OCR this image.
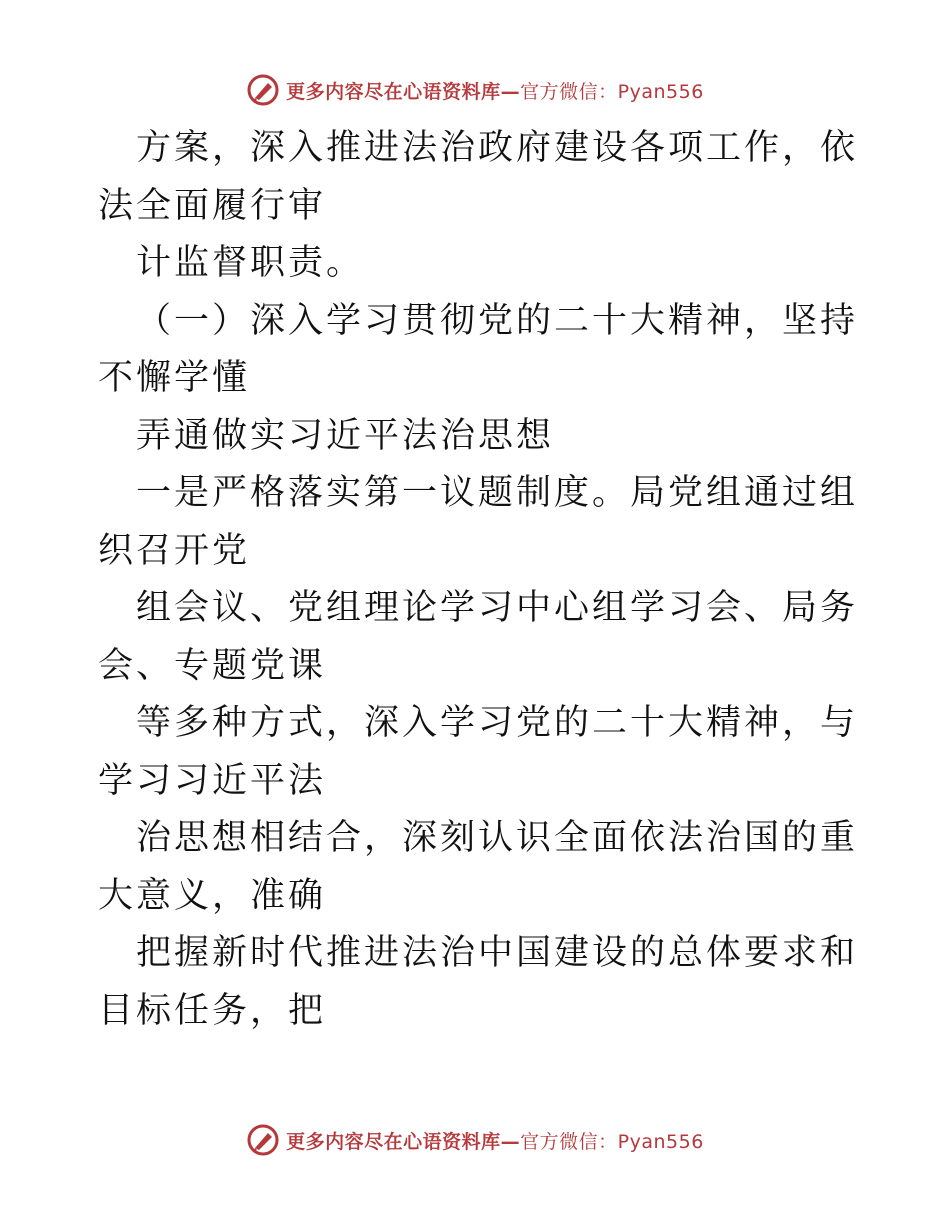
更多内容尽在心语资料库—官方微信：Pyan556

方案，深入推进法治政府建设各项工作，依法全面履行审

计监督职责。

（一）深入学习贯彻党的二十大精神，坚持不懈学懂

弄通做实习近平法治思想

一是严格落实第一议题制度。局党组通过组织召开党

组会议、党组理论学习中心组学习会、局务会、专题党课

等多种方式，深入学习党的二十大精神，与学习习近平法

治思想相结合，深刻认识全面依法治国的重大意义，准确

把握新时代推进法治中国建设的总体要求和目标任务，把

更多内容尽在心语资料库—官方微信：Pyan556
